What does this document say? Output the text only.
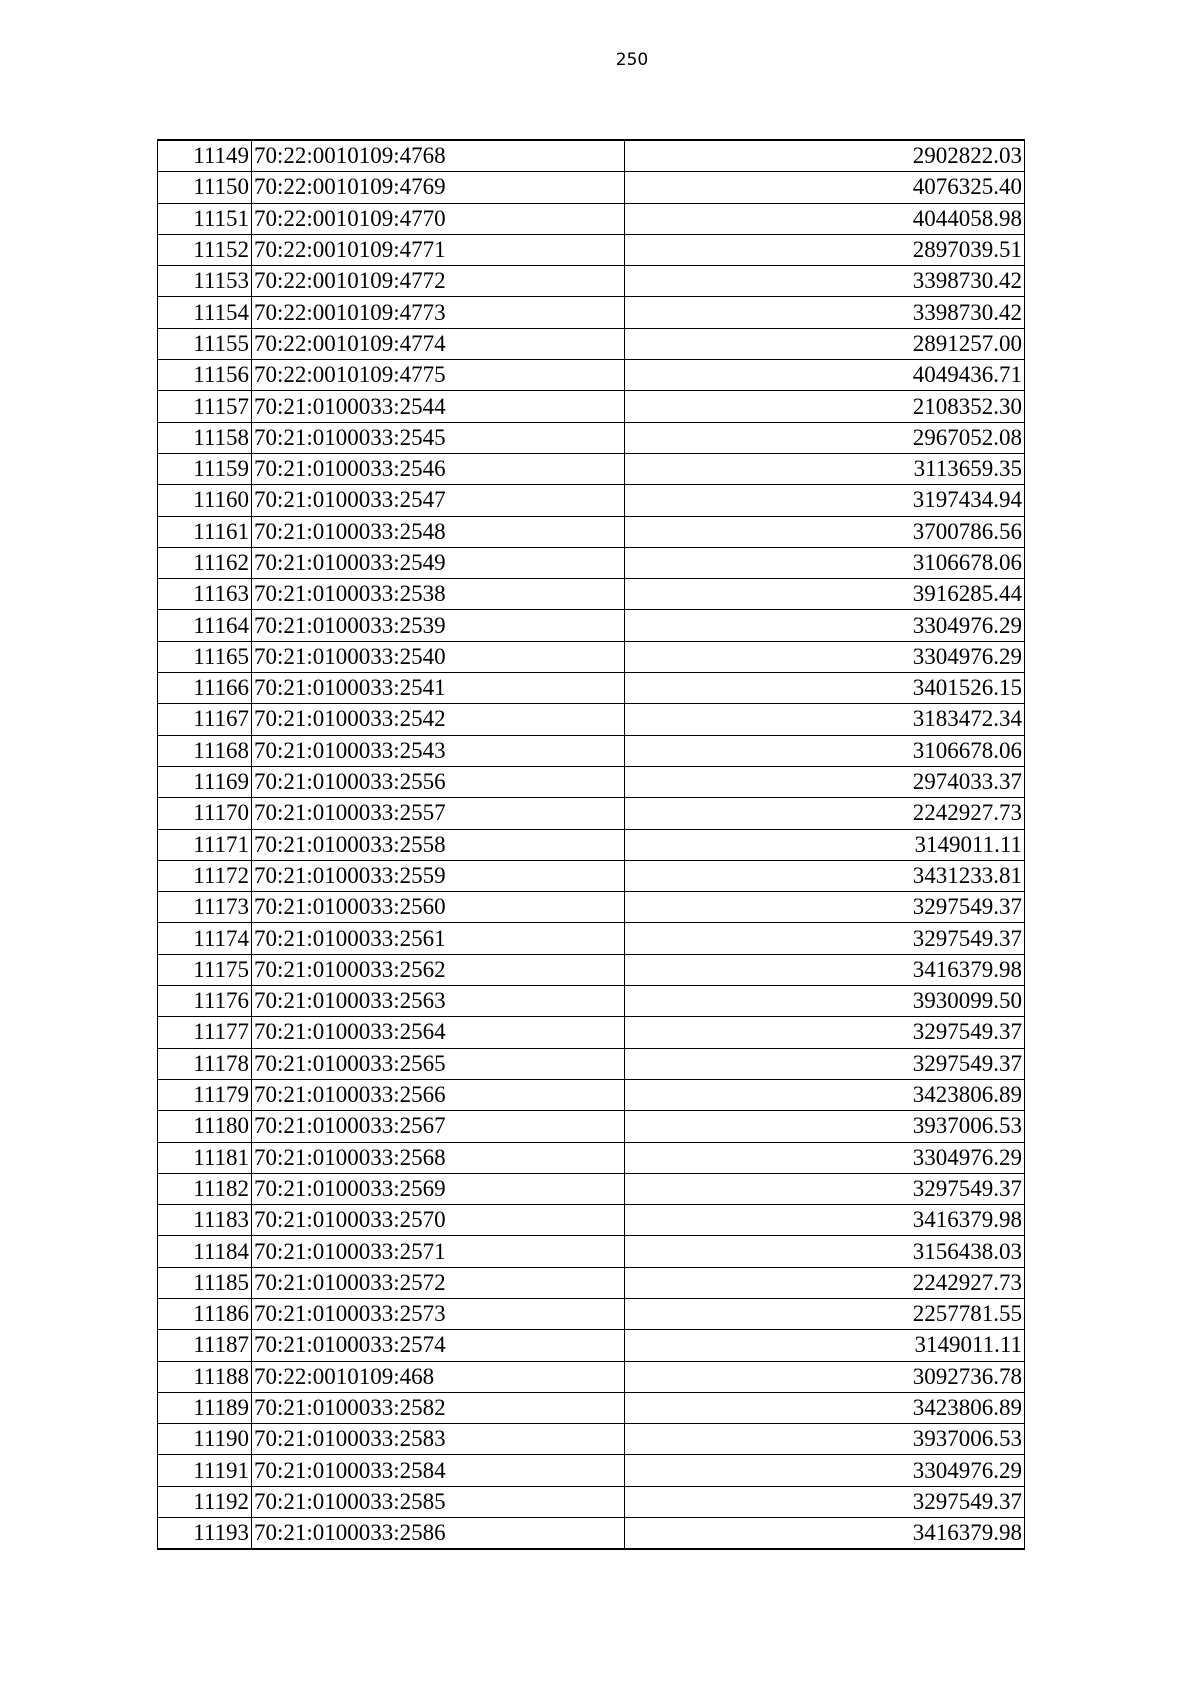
250
11149	70:22:0010109:4768	2902822.03
11150	70:22:0010109:4769	4076325.40
11151	70:22:0010109:4770	4044058.98
11152	70:22:0010109:4771	2897039.51
11153	70:22:0010109:4772	3398730.42
11154	70:22:0010109:4773	3398730.42
11155	70:22:0010109:4774	2891257.00
11156	70:22:0010109:4775	4049436.71
11157	70:21:0100033:2544	2108352.30
11158	70:21:0100033:2545	2967052.08
11159	70:21:0100033:2546	3113659.35
11160	70:21:0100033:2547	3197434.94
11161	70:21:0100033:2548	3700786.56
11162	70:21:0100033:2549	3106678.06
11163	70:21:0100033:2538	3916285.44
11164	70:21:0100033:2539	3304976.29
11165	70:21:0100033:2540	3304976.29
11166	70:21:0100033:2541	3401526.15
11167	70:21:0100033:2542	3183472.34
11168	70:21:0100033:2543	3106678.06
11169	70:21:0100033:2556	2974033.37
11170	70:21:0100033:2557	2242927.73
11171	70:21:0100033:2558	3149011.11
11172	70:21:0100033:2559	3431233.81
11173	70:21:0100033:2560	3297549.37
11174	70:21:0100033:2561	3297549.37
11175	70:21:0100033:2562	3416379.98
11176	70:21:0100033:2563	3930099.50
11177	70:21:0100033:2564	3297549.37
11178	70:21:0100033:2565	3297549.37
11179	70:21:0100033:2566	3423806.89
11180	70:21:0100033:2567	3937006.53
11181	70:21:0100033:2568	3304976.29
11182	70:21:0100033:2569	3297549.37
11183	70:21:0100033:2570	3416379.98
11184	70:21:0100033:2571	3156438.03
11185	70:21:0100033:2572	2242927.73
11186	70:21:0100033:2573	2257781.55
11187	70:21:0100033:2574	3149011.11
11188	70:22:0010109:468	3092736.78
11189	70:21:0100033:2582	3423806.89
11190	70:21:0100033:2583	3937006.53
11191	70:21:0100033:2584	3304976.29
11192	70:21:0100033:2585	3297549.37
11193	70:21:0100033:2586	3416379.98
